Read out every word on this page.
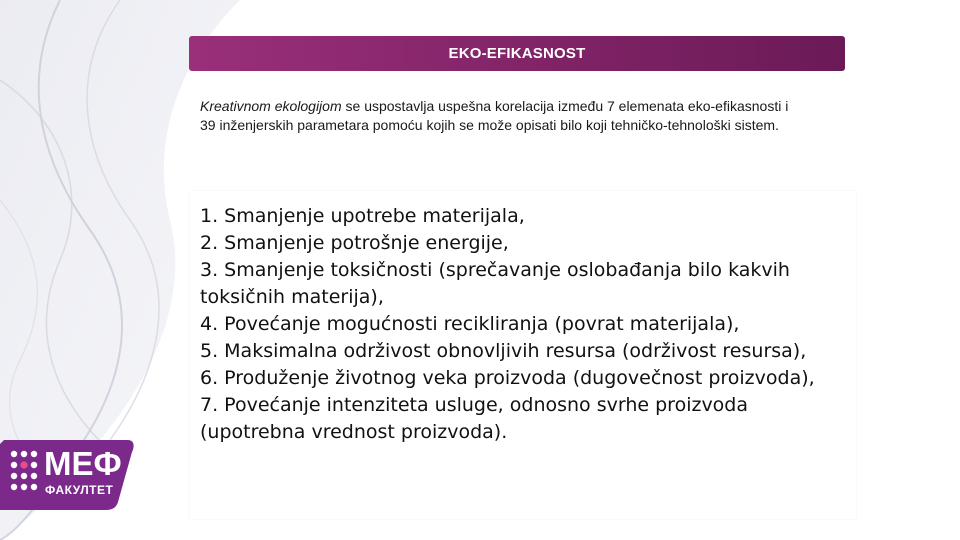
EKO-EFIKASNOST
Kreativnom ekologijom se uspostavlja uspešna korelacija između 7 elemenata eko-efikasnosti i 39 inženjerskih parametara pomoću kojih se može opisati bilo koji tehničko-tehnološki sistem.
1. Smanjenje upotrebe materijala,
2. Smanjenje potrošnje energije,
3. Smanjenje toksičnosti (sprečavanje oslobađanja bilo kakvih toksičnih materija),
4. Povećanje mogućnosti recikliranja (povrat materijala),
5. Maksimalna održivost obnovljivih resursa (održivost resursa),
6. Produženje životnog veka proizvoda (dugovečnost proizvoda),
7. Povećanje intenziteta usluge, odnosno svrhe proizvoda (upotrebna vrednost proizvoda).
МЕФ
ФАКУЛТЕТ
